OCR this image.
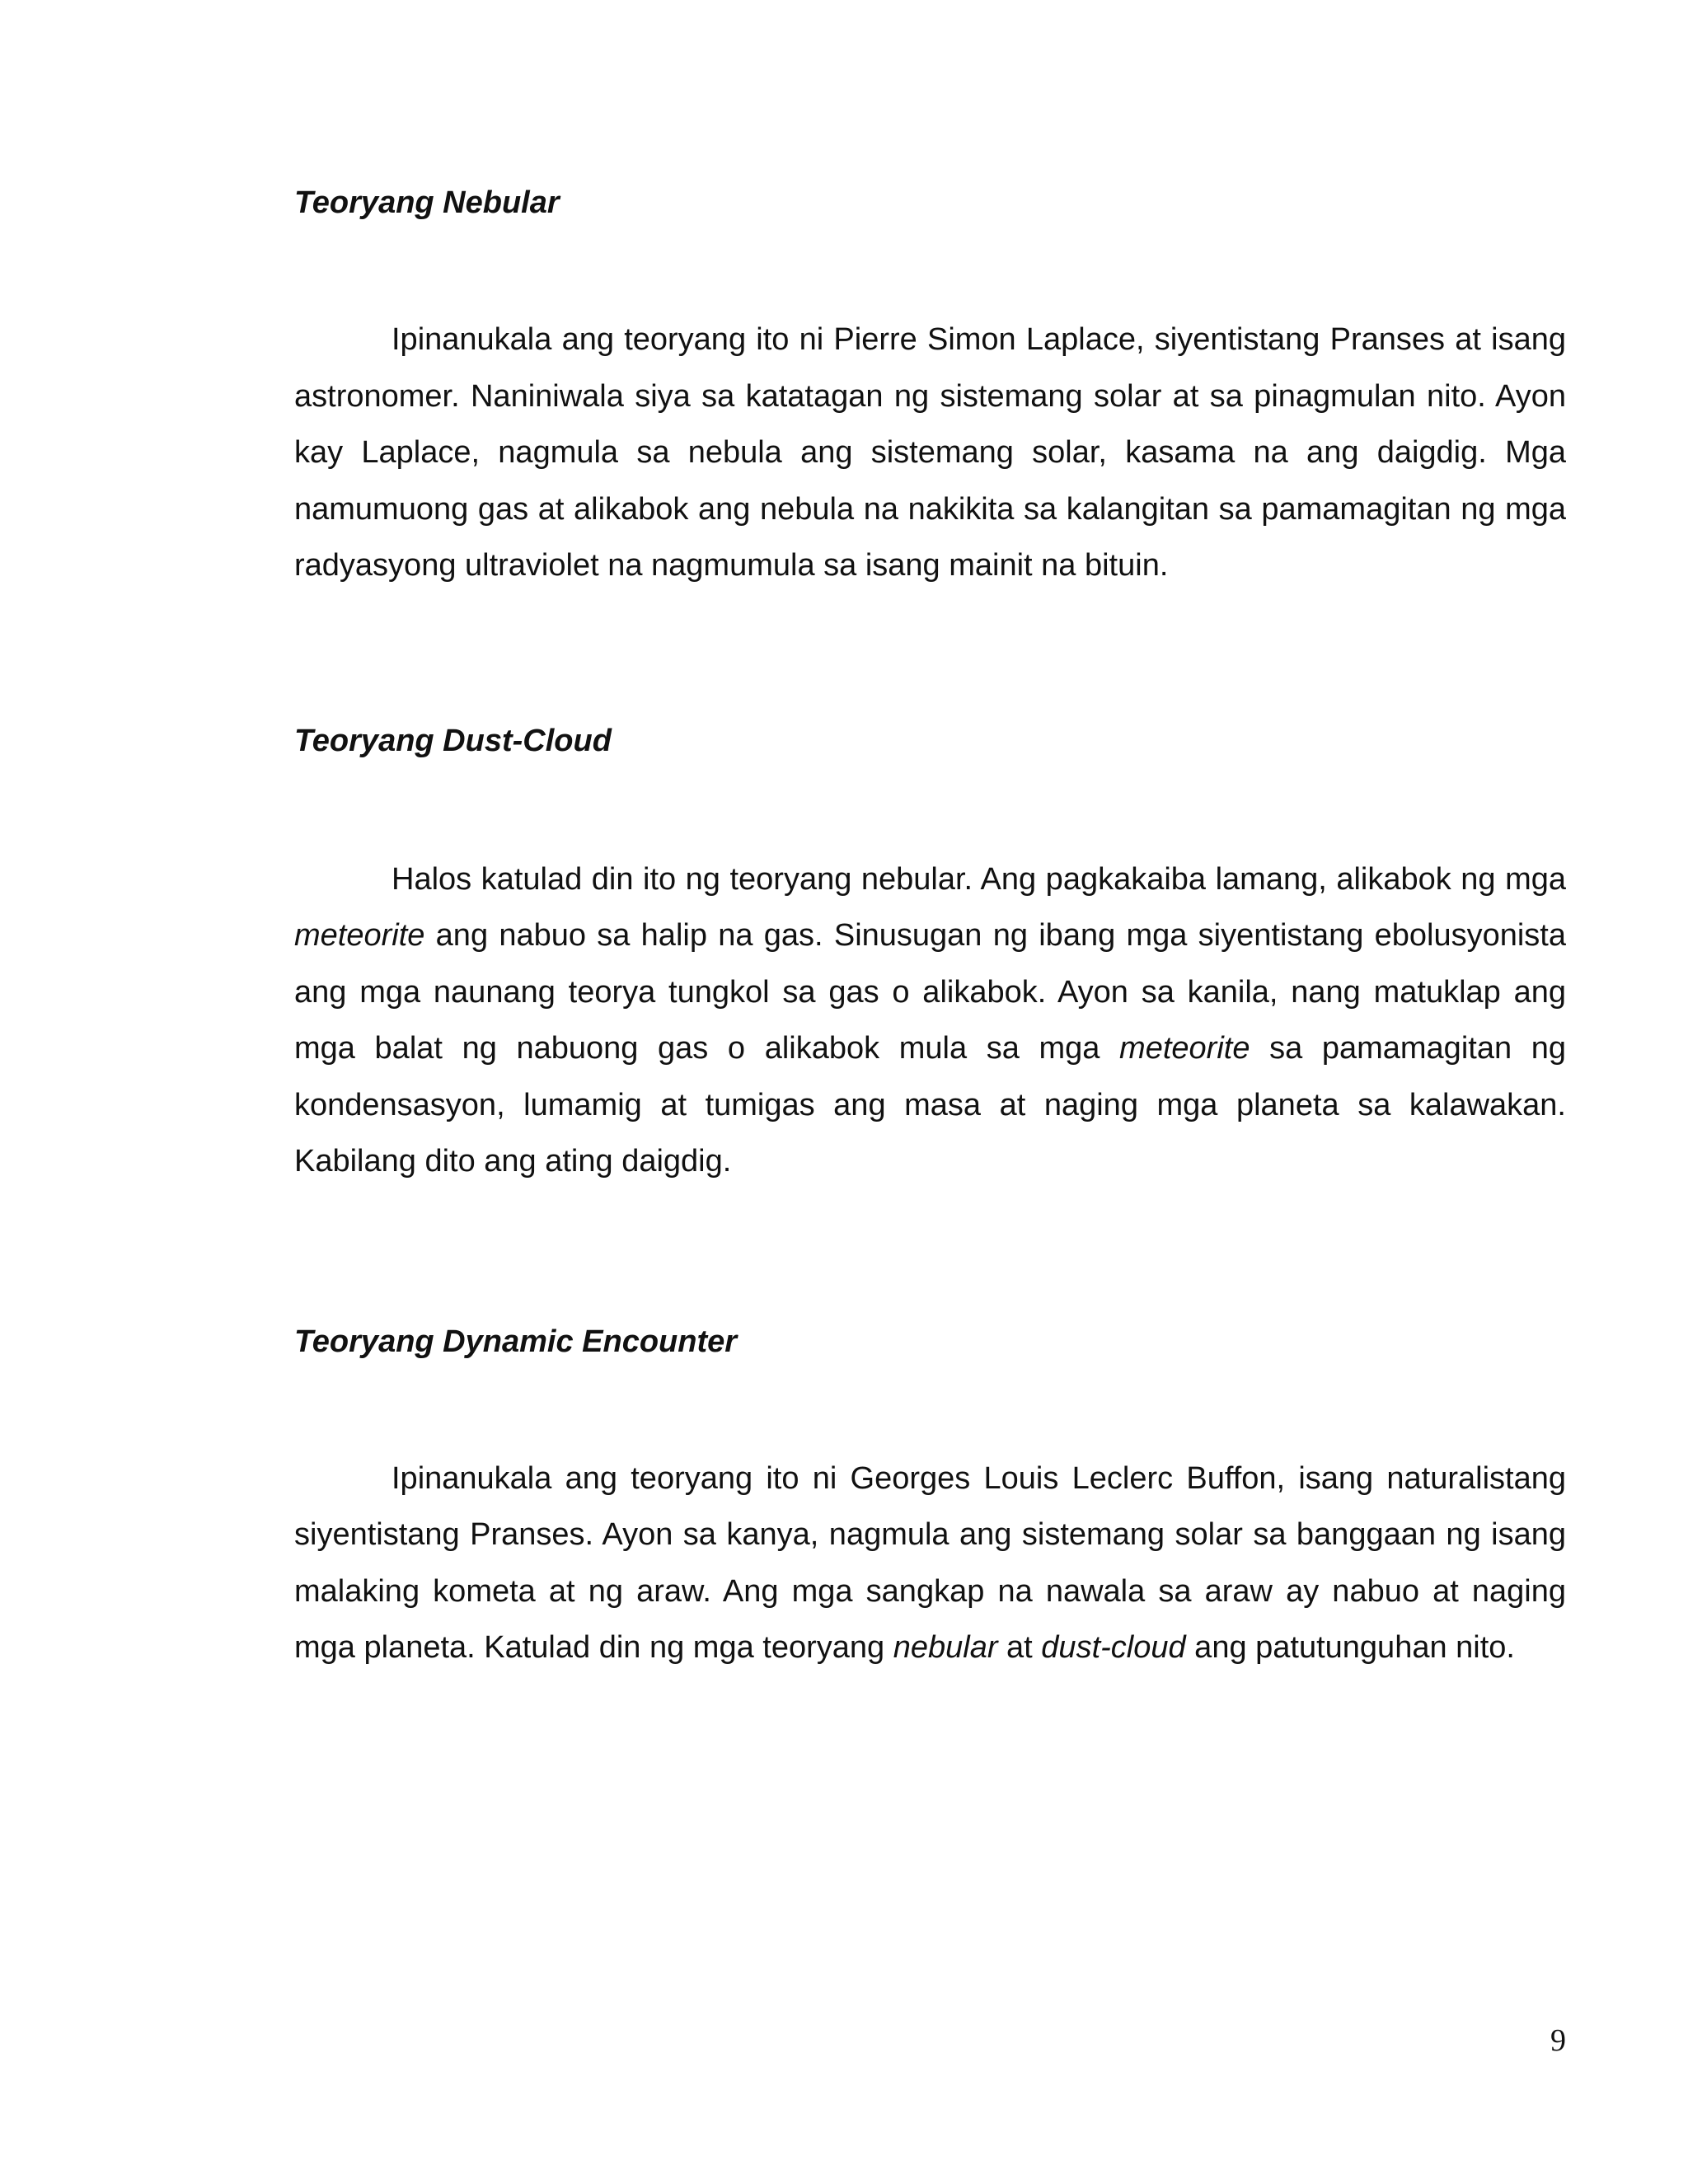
Teoryang Nebular

Ipinanukala ang teoryang ito ni Pierre Simon Laplace, siyentistang Pranses at isang astronomer. Naniniwala siya sa katatagan ng sistemang solar at sa pinagmulan nito. Ayon kay Laplace, nagmula sa nebula ang sistemang solar, kasama na ang daigdig. Mga namumuong gas at alikabok ang nebula na nakikita sa kalangitan sa pamamagitan ng mga radyasyong ultraviolet na nagmumula sa isang mainit na bituin.

Teoryang Dust-Cloud

Halos katulad din ito ng teoryang nebular. Ang pagkakaiba lamang, alikabok ng mga meteorite ang nabuo sa halip na gas. Sinusugan ng ibang mga siyentistang ebolusyonista ang mga naunang teorya tungkol sa gas o alikabok. Ayon sa kanila, nang matuklap ang mga balat ng nabuong gas o alikabok mula sa mga meteorite sa pamamagitan ng kondensasyon, lumamig at tumigas ang masa at naging mga planeta sa kalawakan. Kabilang dito ang ating daigdig.

Teoryang Dynamic Encounter

Ipinanukala ang teoryang ito ni Georges Louis Leclerc Buffon, isang naturalistang siyentistang Pranses. Ayon sa kanya, nagmula ang sistemang solar sa banggaan ng isang malaking kometa at ng araw. Ang mga sangkap na nawala sa araw ay nabuo at naging mga planeta. Katulad din ng mga teoryang nebular at dust-cloud ang patutunguhan nito.

9
